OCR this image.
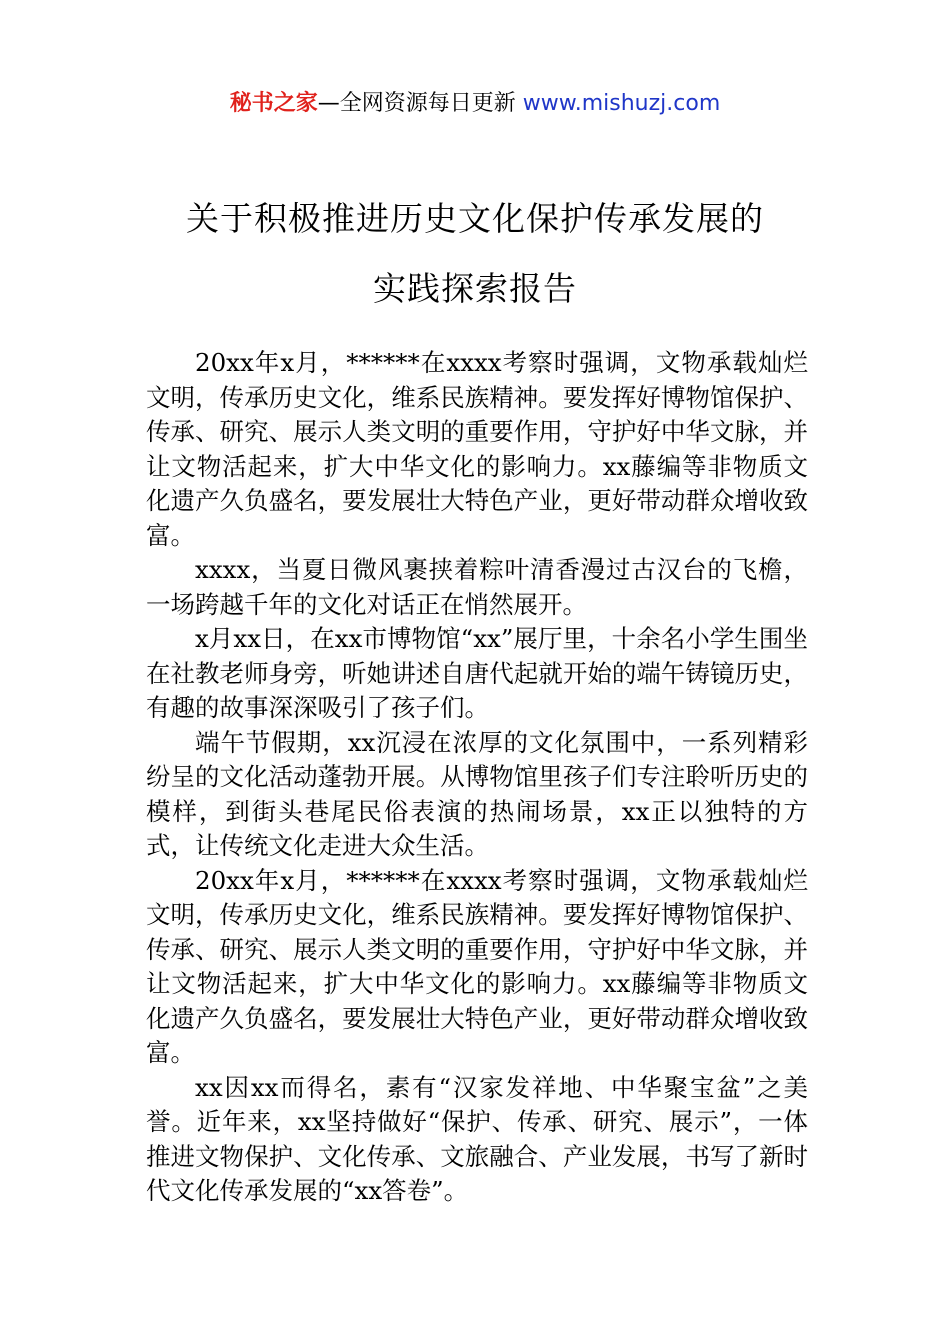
秘书之家—全网资源每日更新 www.mishuzj.com
关于积极推进历史文化保护传承发展的
实践探索报告

20xx年x月，******在xxxx考察时强调，文物承载灿烂文明，传承历史文化，维系民族精神。要发挥好博物馆保护、传承、研究、展示人类文明的重要作用，守护好中华文脉，并让文物活起来，扩大中华文化的影响力。xx藤编等非物质文化遗产久负盛名，要发展壮大特色产业，更好带动群众增收致富。

xxxx，当夏日微风裹挟着粽叶清香漫过古汉台的飞檐，一场跨越千年的文化对话正在悄然展开。

x月xx日，在xx市博物馆“xx”展厅里，十余名小学生围坐在社教老师身旁，听她讲述自唐代起就开始的端午铸镜历史，有趣的故事深深吸引了孩子们。

端午节假期，xx沉浸在浓厚的文化氛围中，一系列精彩纷呈的文化活动蓬勃开展。从博物馆里孩子们专注聆听历史的模样，到街头巷尾民俗表演的热闹场景，xx正以独特的方式，让传统文化走进大众生活。

20xx年x月，******在xxxx考察时强调，文物承载灿烂文明，传承历史文化，维系民族精神。要发挥好博物馆保护、传承、研究、展示人类文明的重要作用，守护好中华文脉，并让文物活起来，扩大中华文化的影响力。xx藤编等非物质文化遗产久负盛名，要发展壮大特色产业，更好带动群众增收致富。

xx因xx而得名，素有“汉家发祥地、中华聚宝盆”之美誉。近年来，xx坚持做好“保护、传承、研究、展示”，一体推进文物保护、文化传承、文旅融合、产业发展，书写了新时代文化传承发展的“xx答卷”。
